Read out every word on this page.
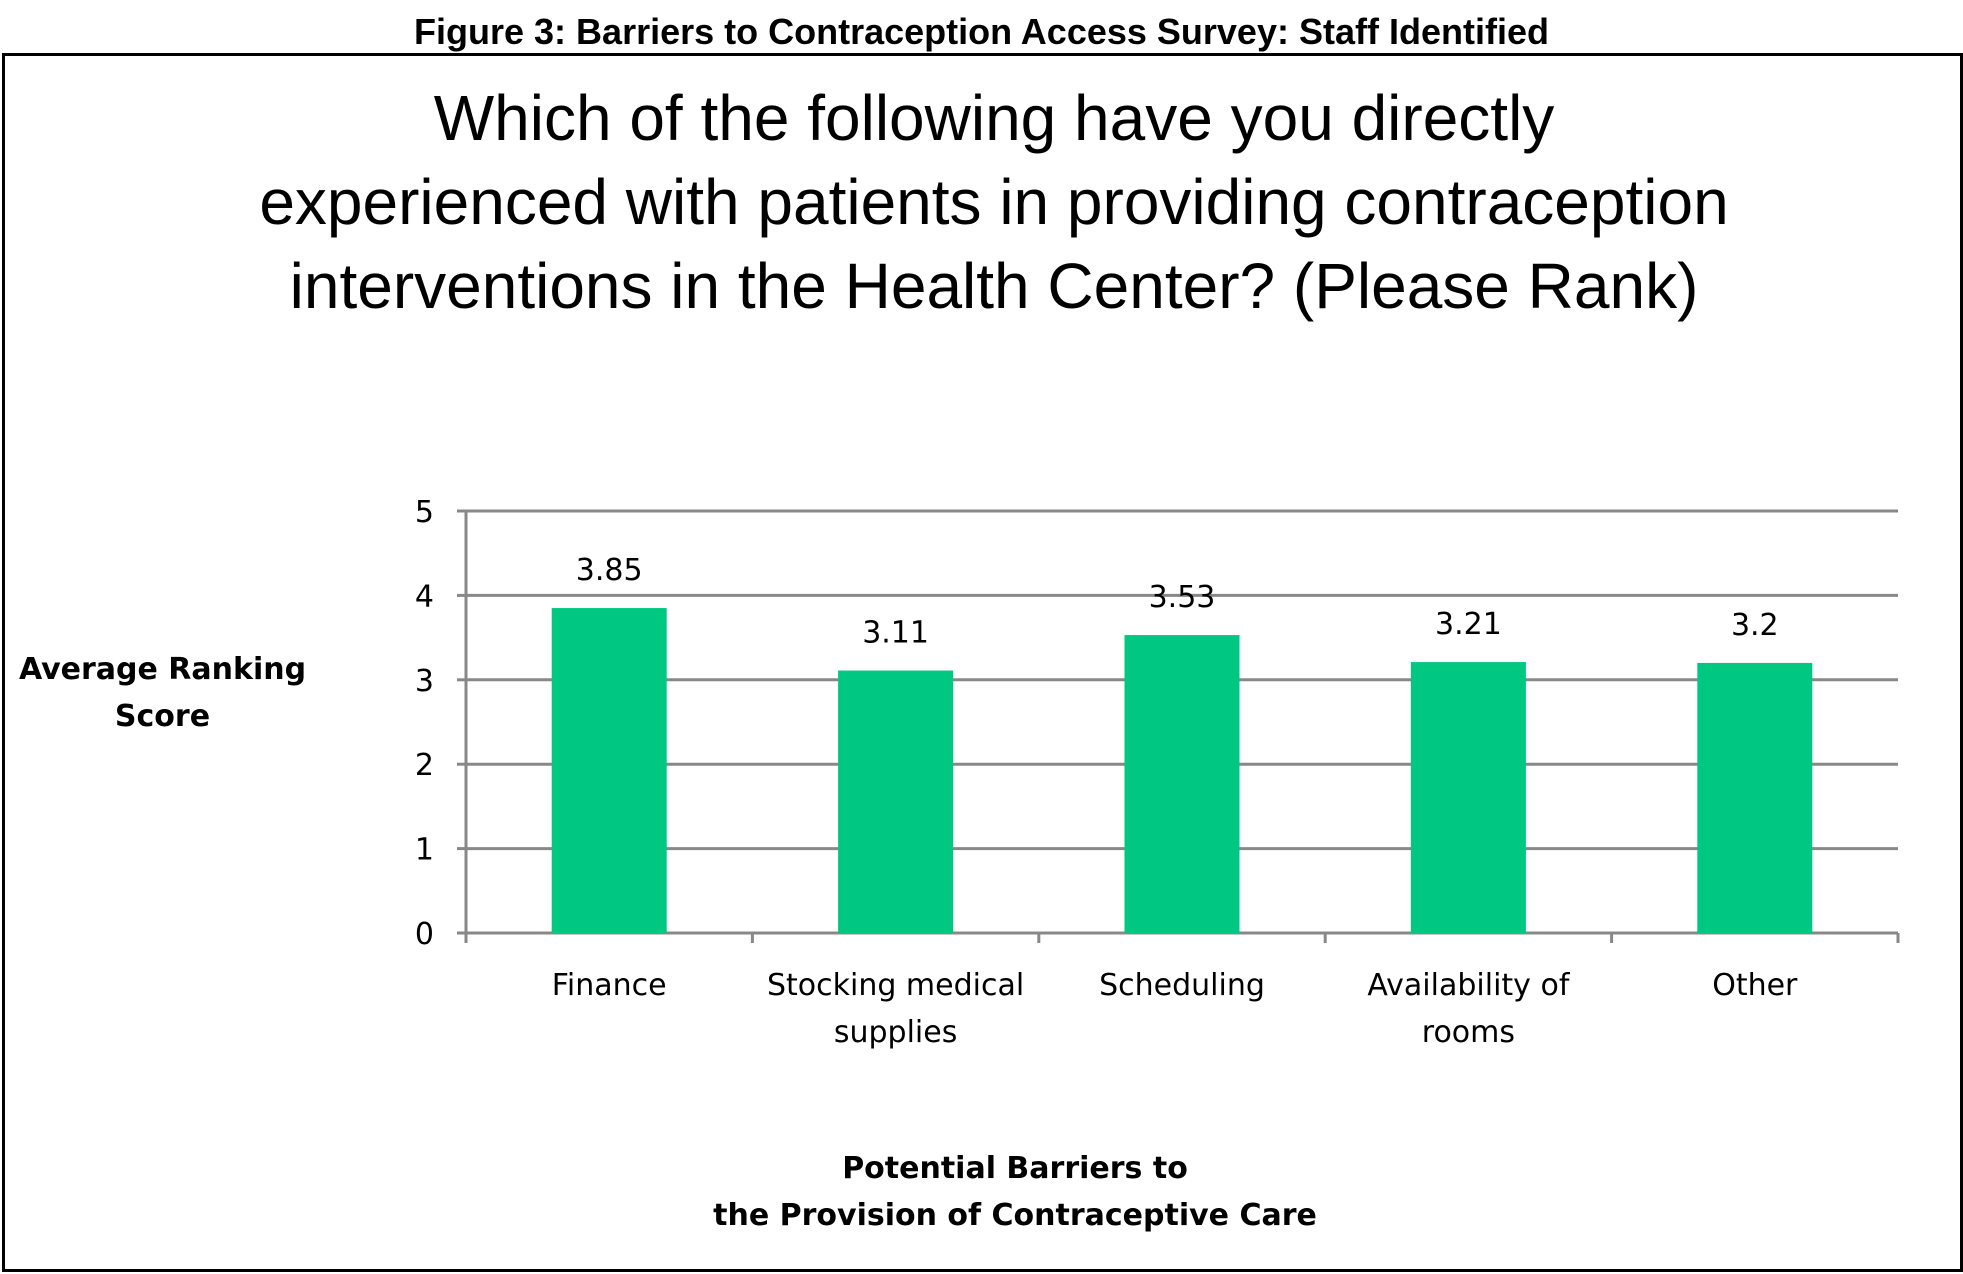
Figure 3: Barriers to Contraception Access Survey: Staff Identified
Which of the following have you directly
experienced with patients in providing contraception
interventions in the Health Center? (Please Rank)
Average Ranking
Score
Potential Barriers to
the Provision of Contraceptive Care
0
1
2
3
4
5
3.85
Finance
3.11
Stocking medical
supplies
3.53
Scheduling
3.21
Availability of
rooms
3.2
Other
